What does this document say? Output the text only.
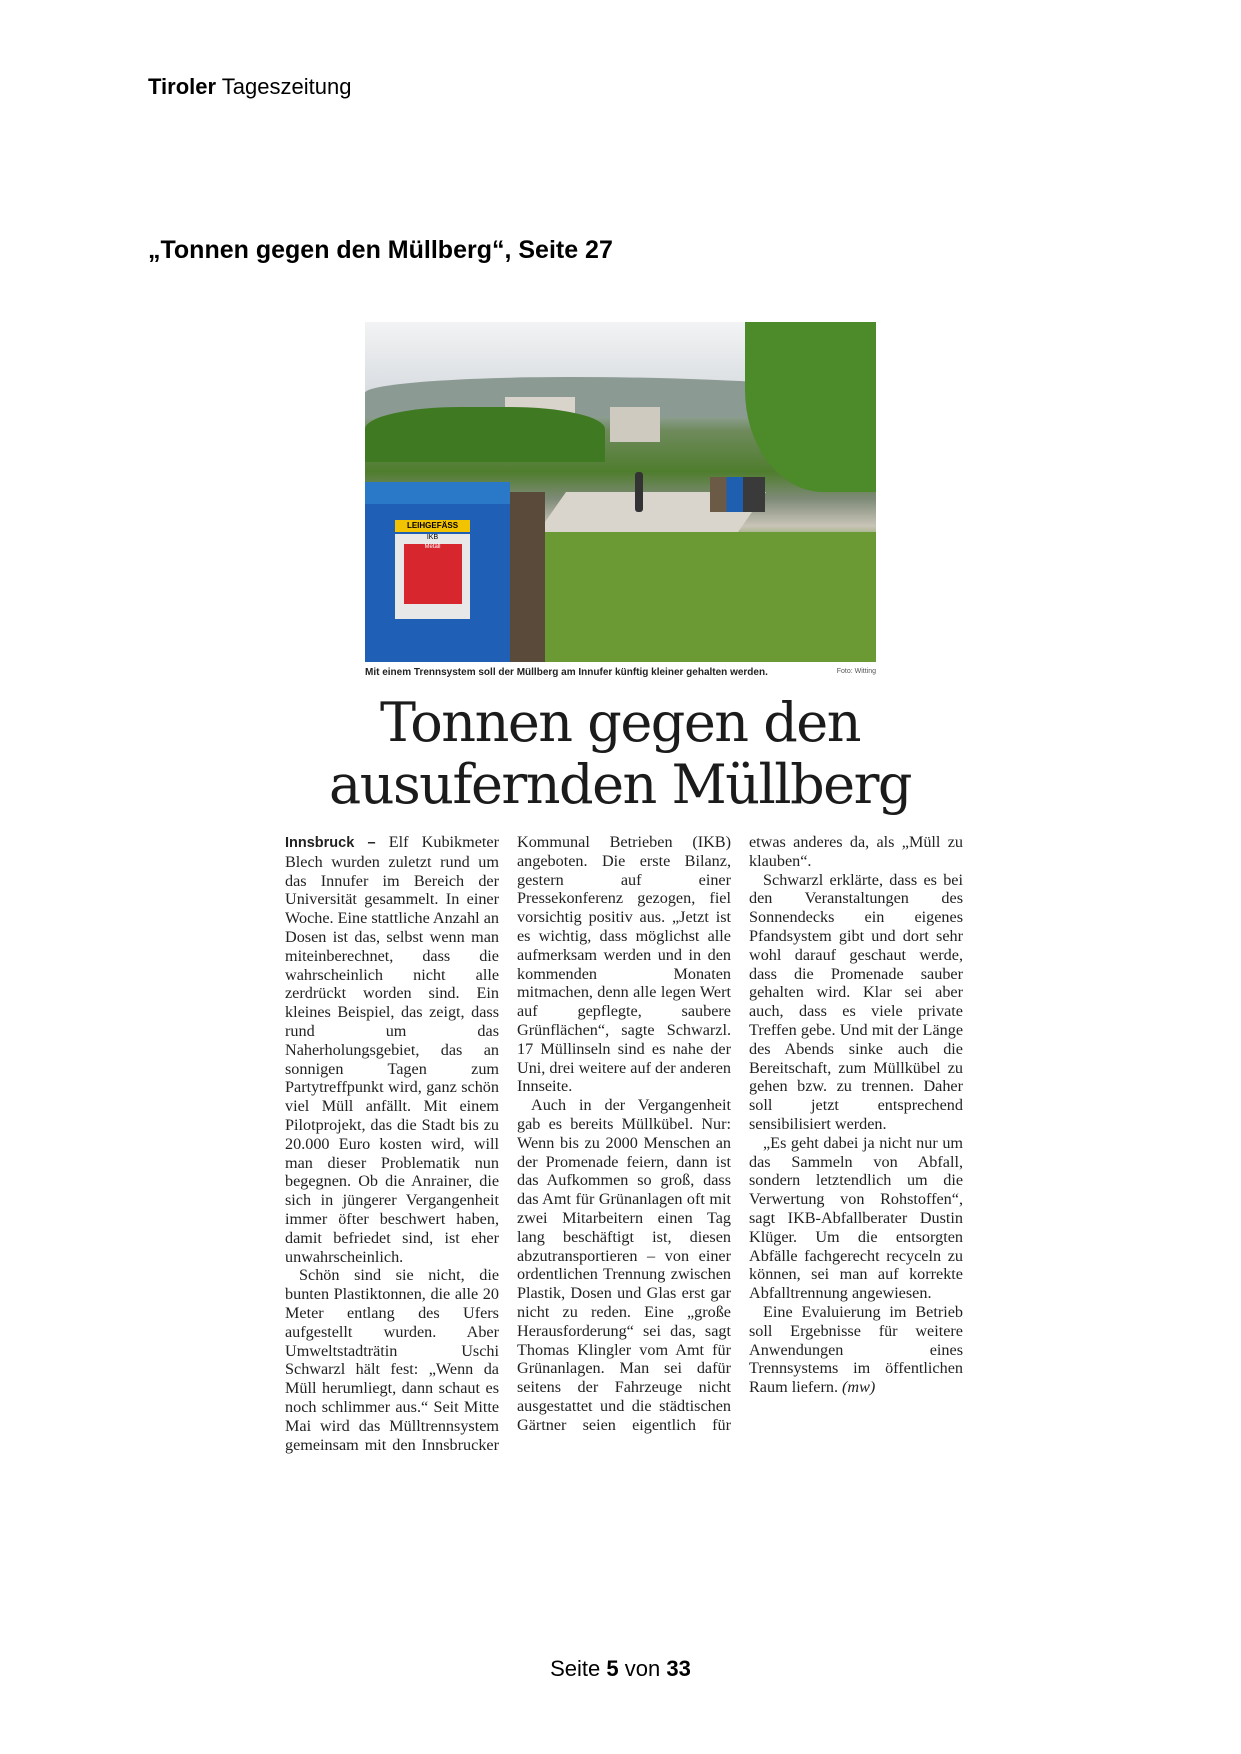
Tiroler Tageszeitung
„Tonnen gegen den Müllberg“, Seite 27
LEIHGEFÄSS
IKB
Metall
Mit einem Trennsystem soll der Müllberg am Innufer künftig kleiner gehalten werden.	Foto: Witting
Tonnen gegen den
ausufernden Müllberg

Innsbruck – Elf Kubikmeter Blech wurden zuletzt rund um das Innufer im Bereich der Universität gesammelt. In einer Woche. Eine stattliche Anzahl an Dosen ist das, selbst wenn man miteinberechnet, dass die wahrscheinlich nicht alle zerdrückt worden sind. Ein kleines Beispiel, das zeigt, dass rund um das Naherholungsgebiet, das an sonnigen Tagen zum Partytreffpunkt wird, ganz schön viel Müll anfällt. Mit einem Pilotprojekt, das die Stadt bis zu 20.000 Euro kosten wird, will man dieser Problematik nun begegnen. Ob die Anrainer, die sich in jüngerer Vergangenheit immer öfter beschwert haben, damit befriedet sind, ist eher unwahrscheinlich.

Schön sind sie nicht, die bunten Plastiktonnen, die alle 20 Meter entlang des Ufers aufgestellt wurden. Aber Umweltstadträtin Uschi Schwarzl hält fest: „Wenn da Müll herumliegt, dann schaut es noch schlimmer aus.“ Seit Mitte Mai wird das Mülltrennsystem gemeinsam mit den Innsbrucker Kommunal Betrieben (IKB) angeboten. Die erste Bilanz, gestern auf einer Pressekonferenz gezogen, fiel vorsichtig positiv aus. „Jetzt ist es wichtig, dass möglichst alle aufmerksam werden und in den kommenden Monaten mitmachen, denn alle legen Wert auf gepflegte, saubere Grünflächen“, sagte Schwarzl. 17 Müllinseln sind es nahe der Uni, drei weitere auf der anderen Innseite.

Auch in der Vergangenheit gab es bereits Müllkübel. Nur: Wenn bis zu 2000 Menschen an der Promenade feiern, dann ist das Aufkommen so groß, dass das Amt für Grünanlagen oft mit zwei Mitarbeitern einen Tag lang beschäftigt ist, diesen abzutransportieren – von einer ordentlichen Trennung zwischen Plastik, Dosen und Glas erst gar nicht zu reden. Eine „große Herausforderung“ sei das, sagt Thomas Klingler vom Amt für Grünanlagen. Man sei dafür seitens der Fahrzeuge nicht ausgestattet und die städtischen Gärtner seien eigentlich für etwas anderes da, als „Müll zu klauben“.

Schwarzl erklärte, dass es bei den Veranstaltungen des Sonnendecks ein eigenes Pfandsystem gibt und dort sehr wohl darauf geschaut werde, dass die Promenade sauber gehalten wird. Klar sei aber auch, dass es viele private Treffen gebe. Und mit der Länge des Abends sinke auch die Bereitschaft, zum Müllkübel zu gehen bzw. zu trennen. Daher soll jetzt entsprechend sensibilisiert werden.

„Es geht dabei ja nicht nur um das Sammeln von Abfall, sondern letztendlich um die Verwertung von Rohstoffen“, sagt IKB-Abfallberater Dustin Klüger. Um die entsorgten Abfälle fachgerecht recyceln zu können, sei man auf korrekte Abfalltrennung angewiesen.

Eine Evaluierung im Betrieb soll Ergebnisse für weitere Anwendungen eines Trennsystems im öffentlichen Raum liefern. (mw)

Seite 5 von 33
